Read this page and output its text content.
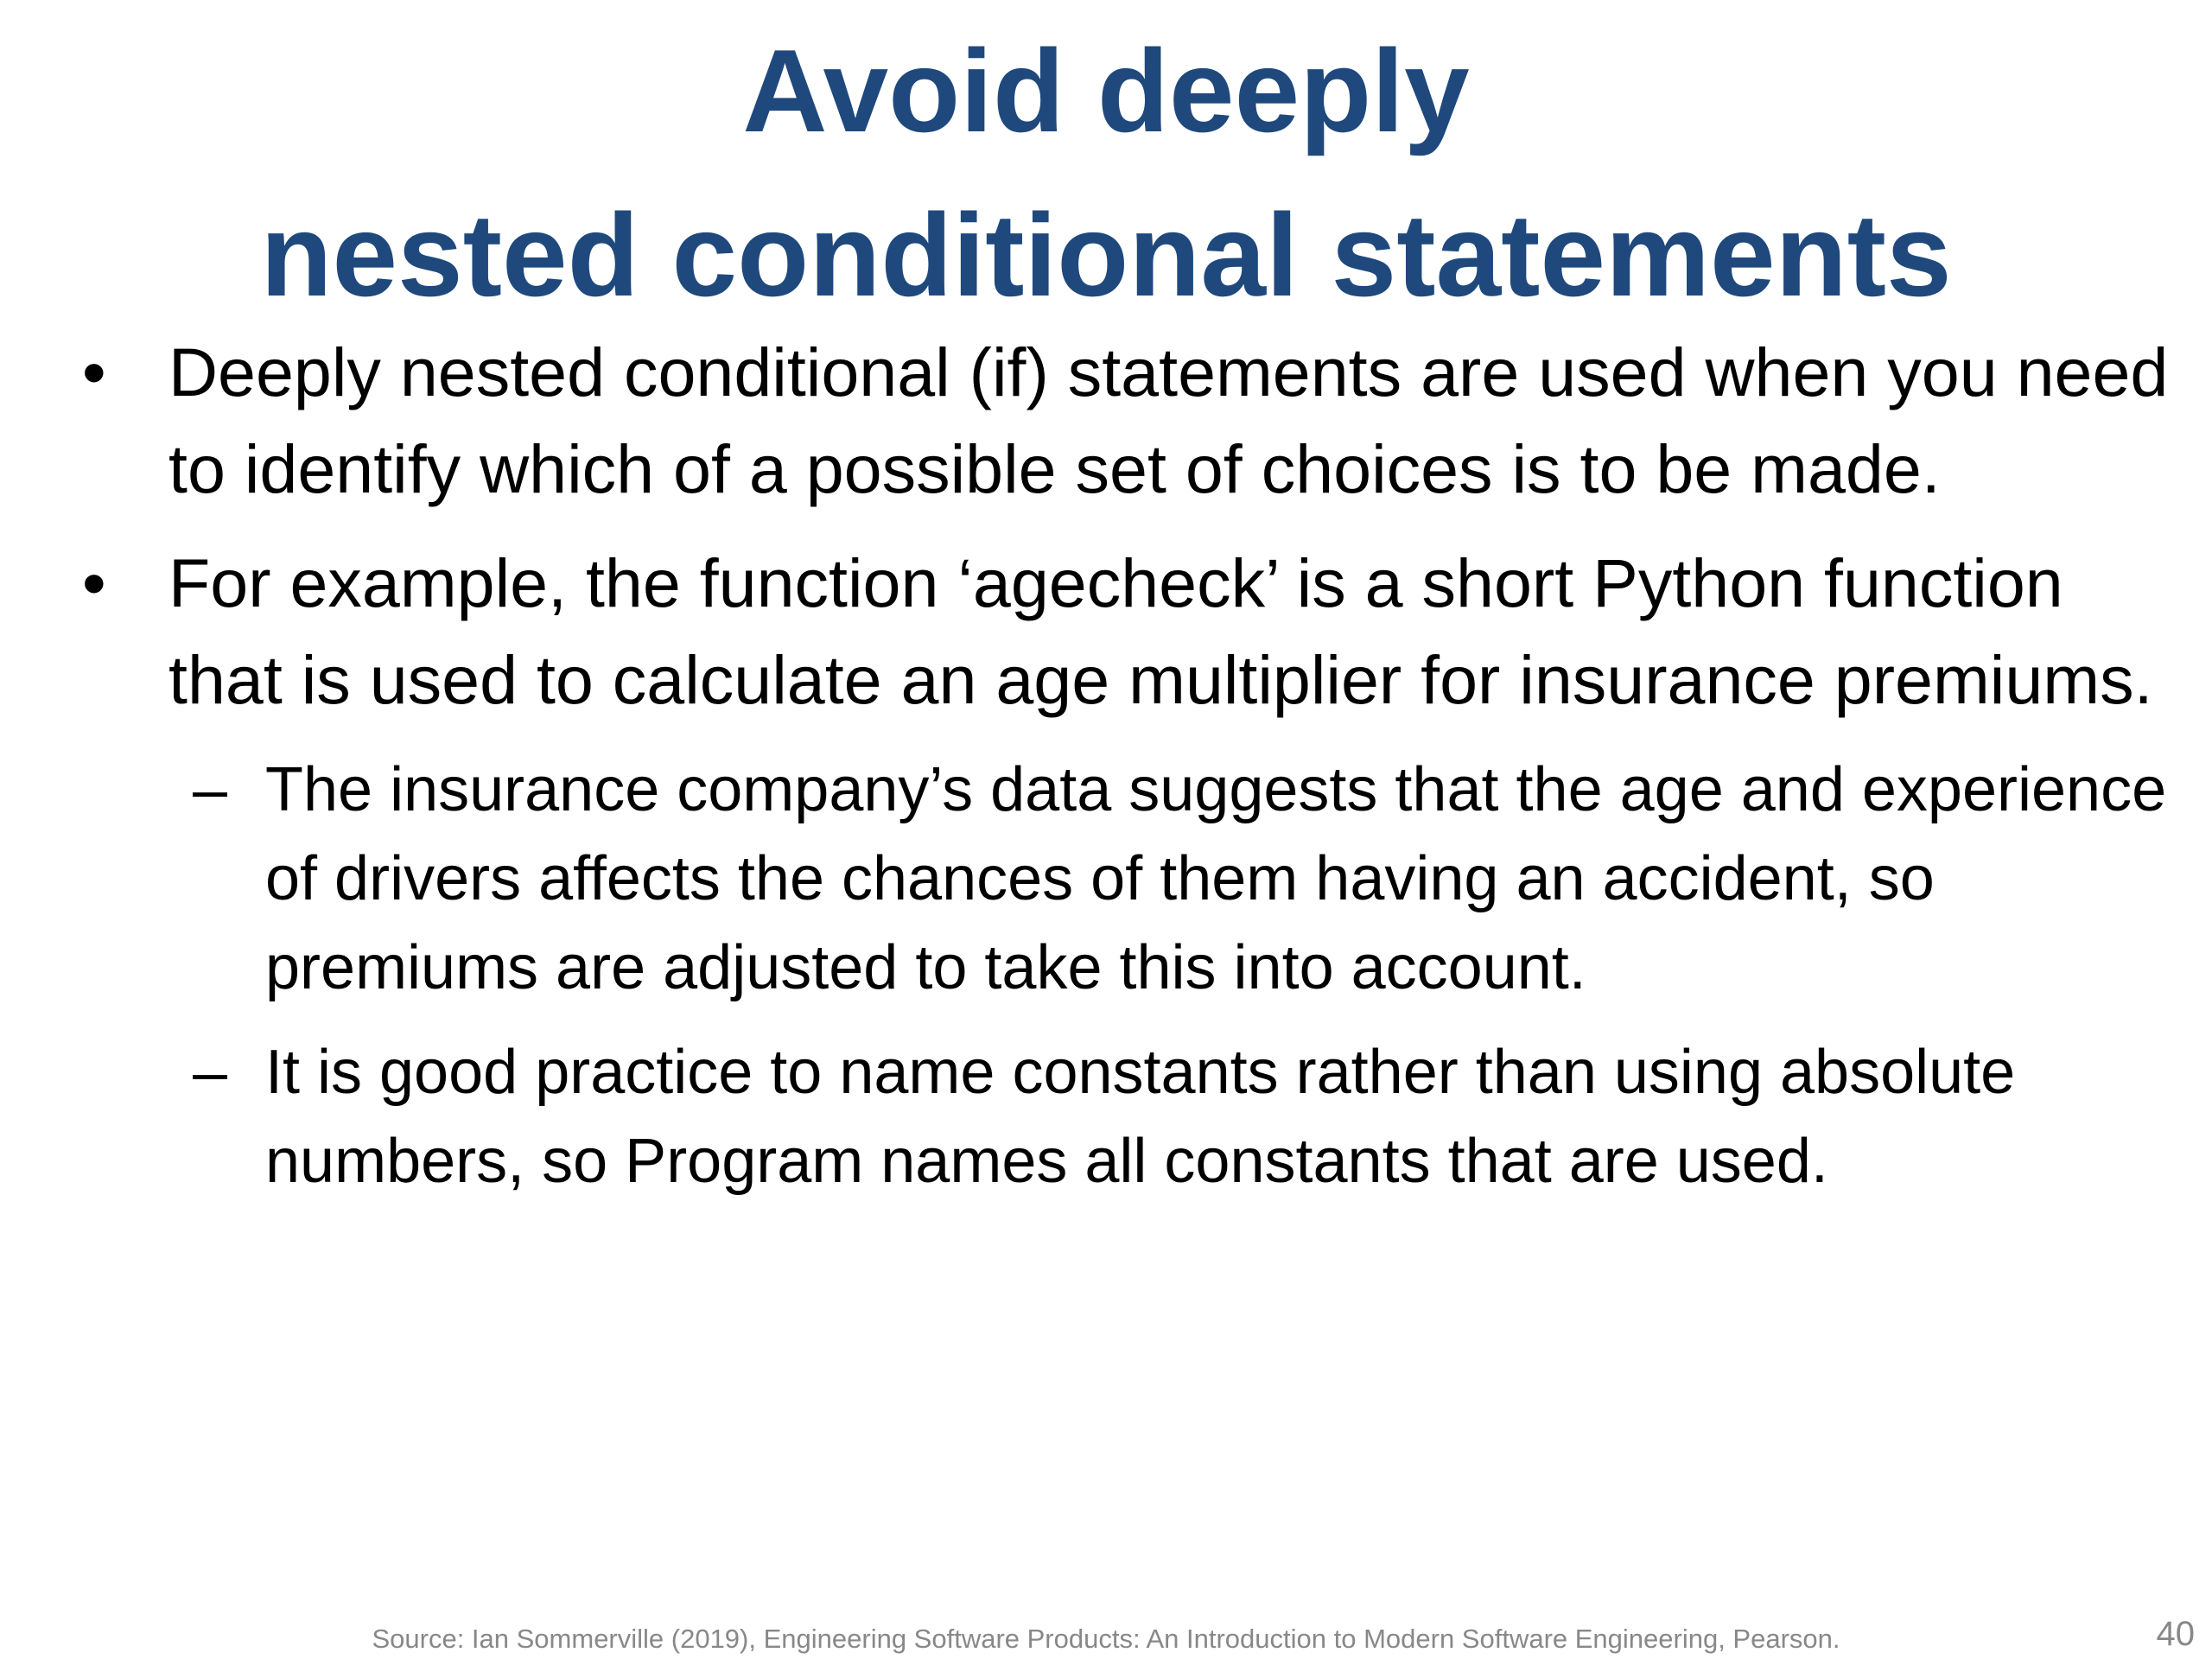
Avoid deeply
nested conditional statements
• Deeply nested conditional (if) statements are used when you need to identify which of a possible set of choices is to be made.
• For example, the function ‘agecheck’ is a short Python function that is used to calculate an age multiplier for insurance premiums.
– The insurance company’s data suggests that the age and experience of drivers affects the chances of them having an accident, so premiums are adjusted to take this into account.
– It is good practice to name constants rather than using absolute numbers, so Program names all constants that are used.
Source: Ian Sommerville (2019), Engineering Software Products: An Introduction to Modern Software Engineering, Pearson.	40
